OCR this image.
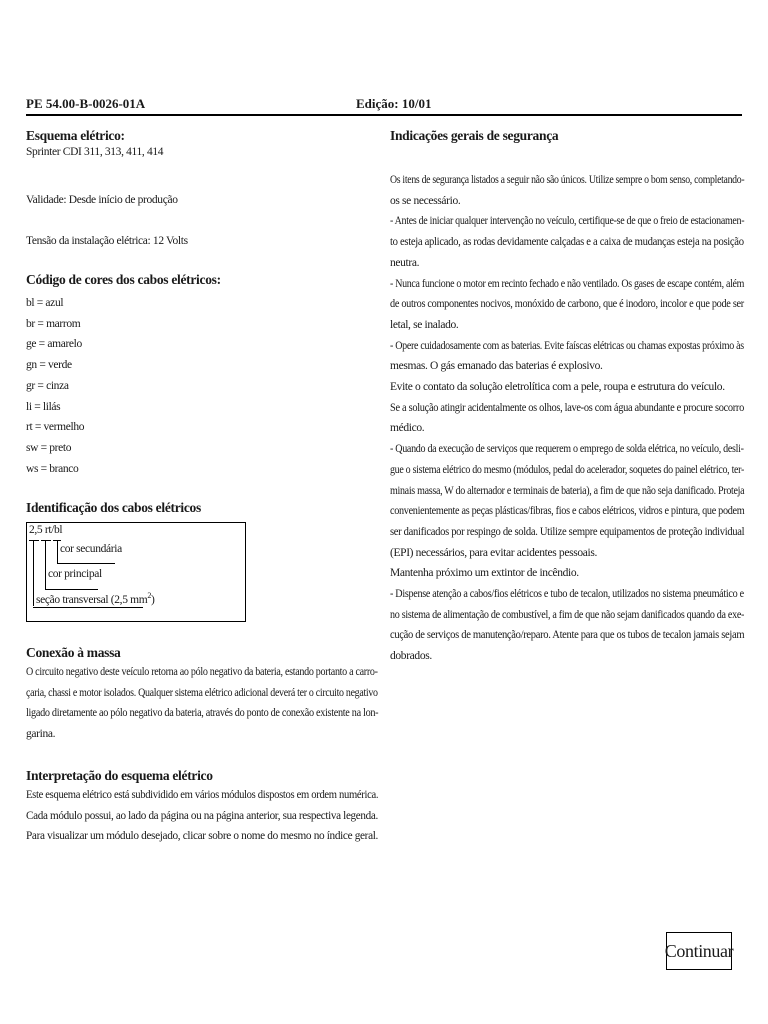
PE 54.00-B-0026-01A	Edição: 10/01
Esquema elétrico:
Sprinter CDI 311, 313, 411, 414
Validade: Desde início de produção
Tensão da instalação elétrica: 12 Volts
Código de cores dos cabos elétricos:
bl = azul
br = marrom
ge = amarelo
gn = verde
gr = cinza
li = lilás
rt = vermelho
sw = preto
ws = branco
Identificação dos cabos elétricos
2,5 rt/bl
cor secundária
cor principal
seção transversal (2,5 $mm^2$)
Conexão à massa
O circuito negativo deste veículo retorna ao pólo negativo da bateria, estando portanto a carro-
çaria, chassi e motor isolados. Qualquer sistema elétrico adicional deverá ter o circuito negativo
ligado diretamente ao pólo negativo da bateria, através do ponto de conexão existente na lon-
garina.
Interpretação do esquema elétrico
Este esquema elétrico está subdividido em vários módulos dispostos em ordem numérica.
Cada módulo possui, ao lado da página ou na página anterior, sua respectiva legenda.
Para visualizar um módulo desejado, clicar sobre o nome do mesmo no índice geral.
Indicações gerais de segurança
Os itens de segurança listados a seguir não são únicos. Utilize sempre o bom senso, completando-
os se necessário.
- Antes de iniciar qualquer intervenção no veículo, certifique-se de que o freio de estacionamen-
to esteja aplicado, as rodas devidamente calçadas e a caixa de mudanças esteja na posição
neutra.
- Nunca funcione o motor em recinto fechado e não ventilado. Os gases de escape contém, além
de outros componentes nocivos, monóxido de carbono, que é inodoro, incolor e que pode ser
letal, se inalado.
- Opere cuidadosamente com as baterias. Evite faíscas elétricas ou chamas expostas próximo às
mesmas. O gás emanado das baterias é explosivo.
Evite o contato da solução eletrolítica com a pele, roupa e estrutura do veículo.
Se a solução atingir acidentalmente os olhos, lave-os com água abundante e procure socorro
médico.
- Quando da execução de serviços que requerem o emprego de solda elétrica, no veículo, desli-
gue o sistema elétrico do mesmo (módulos, pedal do acelerador, soquetes do painel elétrico, ter-
minais massa, W do alternador e terminais de bateria), a fim de que não seja danificado. Proteja
convenientemente as peças plásticas/fibras, fios e cabos elétricos, vidros e pintura, que podem
ser danificados por respingo de solda. Utilize sempre equipamentos de proteção individual
(EPI) necessários, para evitar acidentes pessoais.
Mantenha próximo um extintor de incêndio.
- Dispense atenção a cabos/fios elétricos e tubo de tecalon, utilizados no sistema pneumático e
no sistema de alimentação de combustível, a fim de que não sejam danificados quando da exe-
cução de serviços de manutenção/reparo. Atente para que os tubos de tecalon jamais sejam
dobrados.
Continuar
